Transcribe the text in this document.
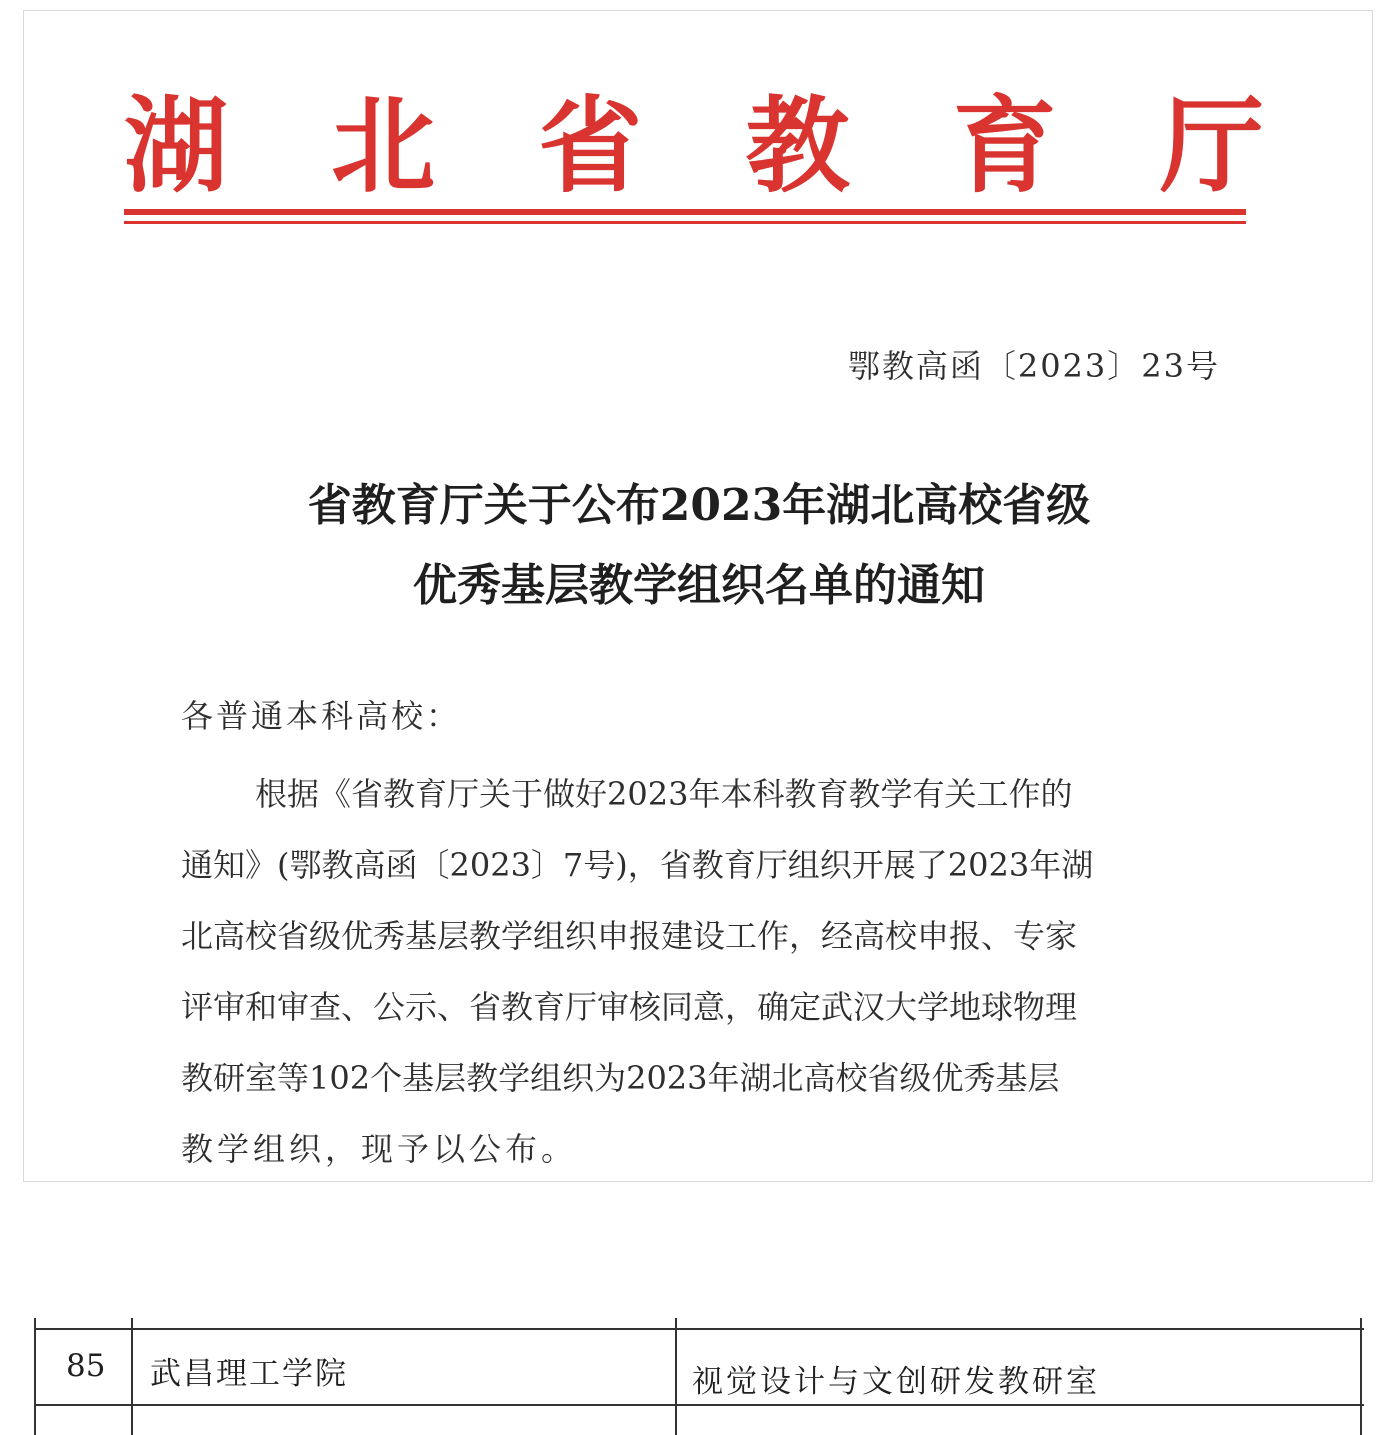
湖 北 省 教 育 厅
鄂教高函〔2023〕23号
省教育厅关于公布2023年湖北高校省级
优秀基层教学组织名单的通知
各普通本科高校：
根据《省教育厅关于做好2023年本科教育教学有关工作的
通知》(鄂教高函〔2023〕7号)，省教育厅组织开展了2023年湖
北高校省级优秀基层教学组织申报建设工作，经高校申报、专家
评审和审查、公示、省教育厅审核同意，确定武汉大学地球物理
教研室等102个基层教学组织为2023年湖北高校省级优秀基层
教学组织，现予以公布。
85 武昌理工学院	视觉设计与文创研发教研室
